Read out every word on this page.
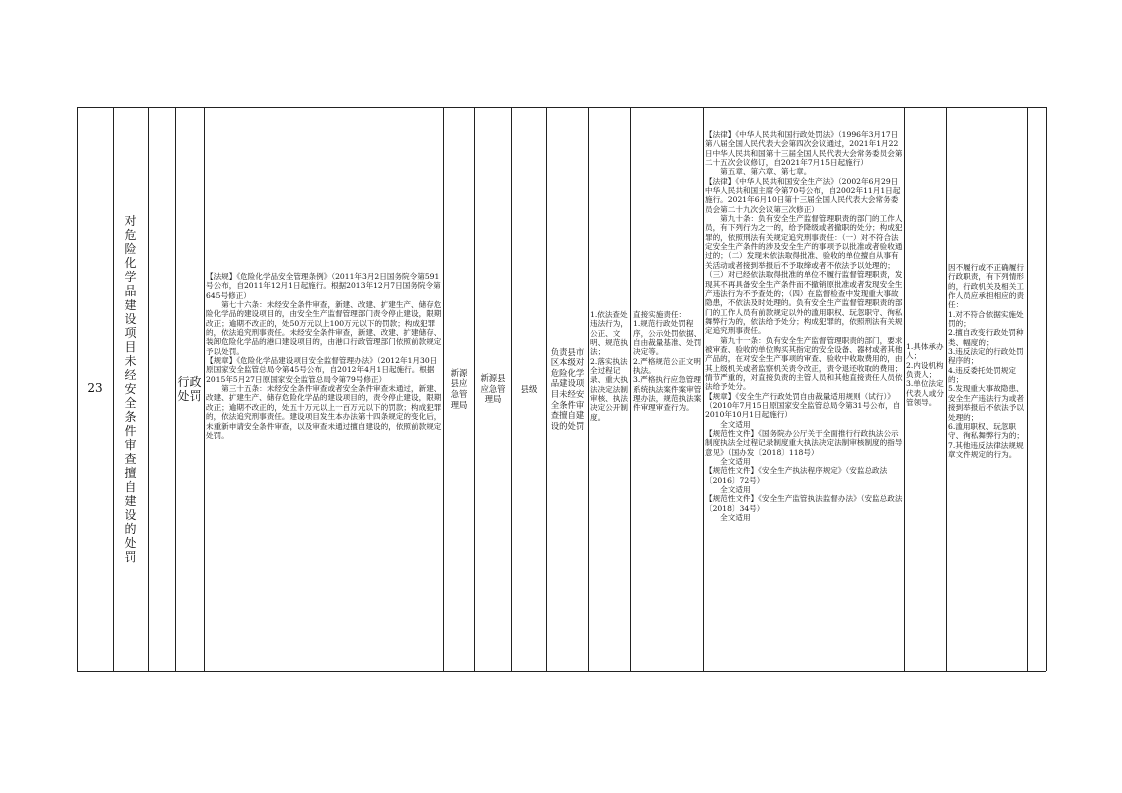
23
对危险化学品建设项目未经安全条件审查擅自建设的处罚
行政处罚
【法规】《危险化学品安全管理条例》（2011年3月2日国务院令第591号公布，自2011年12月1日起施行。根据2013年12月7日国务院令第645号修正）
　　第七十六条：未经安全条件审查，新建、改建、扩建生产、储存危险化学品的建设项目的，由安全生产监督管理部门责令停止建设，限期改正；逾期不改正的，处50万元以上100万元以下的罚款；构成犯罪的，依法追究刑事责任。未经安全条件审查，新建、改建、扩建储存、装卸危险化学品的港口建设项目的，由港口行政管理部门依照前款规定予以处罚。
【规章】《危险化学品建设项目安全监督管理办法》（2012年1月30日原国家安全监管总局令第45号公布，自2012年4月1日起施行。根据2015年5月27日原国家安全监管总局令第79号修正）
　　第三十五条：未经安全条件审查或者安全条件审查未通过，新建、改建、扩建生产、储存危险化学品的建设项目的，责令停止建设，限期改正；逾期不改正的，处五十万元以上一百万元以下的罚款；构成犯罪的，依法追究刑事责任。建设项目发生本办法第十四条规定的变化后，未重新申请安全条件审查，以及审查未通过擅自建设的，依照前款规定处罚。
新源县应急管理局
新源县应急管理局
县级
负责县市区本级对危险化学品建设项目未经安全条件审查擅自建设的处罚
1.依法查处违法行为，公正、文明、规范执法；
2.落实执法全过程记录、重大执法决定法制审核、执法决定公开制度。
直接实施责任：
1.规范行政处罚程序，公示处罚依据、自由裁量基准、处罚决定等。
2.严格规范公正文明执法。
3.严格执行应急管理系统执法案件案审管理办法，规范执法案件审理审查行为。
【法律】《中华人民共和国行政处罚法》（1996年3月17日第八届全国人民代表大会第四次会议通过，2021年1月22日中华人民共和国第十三届全国人民代表大会常务委员会第二十五次会议修订，自2021年7月15日起施行）
　　第五章、第六章、第七章。
【法律】《中华人民共和国安全生产法》（2002年6月29日中华人民共和国主席令第70号公布，自2002年11月1日起施行。2021年6月10日第十三届全国人民代表大会常务委员会第二十九次会议第三次修正）
　　第九十条：负有安全生产监督管理职责的部门的工作人员，有下列行为之一的，给予降级或者撤职的处分；构成犯罪的，依照刑法有关规定追究刑事责任：（一）对不符合法定安全生产条件的涉及安全生产的事项予以批准或者验收通过的；（二）发现未依法取得批准、验收的单位擅自从事有关活动或者接到举报后不予取缔或者不依法予以处理的；（三）对已经依法取得批准的单位不履行监督管理职责，发现其不再具备安全生产条件而不撤销原批准或者发现安全生产违法行为不予查处的；（四）在监督检查中发现重大事故隐患，不依法及时处理的。负有安全生产监督管理职责的部门的工作人员有前款规定以外的滥用职权、玩忽职守、徇私舞弊行为的，依法给予处分；构成犯罪的，依照刑法有关规定追究刑事责任。
　　第九十一条：负有安全生产监督管理职责的部门，要求被审查、验收的单位购买其指定的安全设备、器材或者其他产品的，在对安全生产事项的审查、验收中收取费用的，由其上级机关或者监察机关责令改正，责令退还收取的费用；情节严重的，对直接负责的主管人员和其他直接责任人员依法给予处分。
【规章】《安全生产行政处罚自由裁量适用规则（试行）》（2010年7月15日原国家安全监管总局令第31号公布，自2010年10月1日起施行）
　　全文适用
【规范性文件】《国务院办公厅关于全面推行行政执法公示制度执法全过程记录制度重大执法决定法制审核制度的指导意见》（国办发〔2018〕118号）
　　全文适用
【规范性文件】《安全生产执法程序规定》（安监总政法〔2016〕72号）
　　全文适用
【规范性文件】《安全生产监管执法监督办法》（安监总政法〔2018〕34号）
　　全文适用
1.具体承办人；
2.内设机构负责人；
3.单位法定代表人或分管领导。
因不履行或不正确履行行政职责，有下列情形的，行政机关及相关工作人员应承担相应的责任：
1.对不符合依据实施处罚的；
2.擅自改变行政处罚种类、幅度的；
3.违反法定的行政处罚程序的；
4.违反委托处罚规定的；
5.发现重大事故隐患、安全生产违法行为或者接到举报后不依法予以处理的；
6.滥用职权、玩忽职守、徇私舞弊行为的；
7.其他违反法律法规规章文件规定的行为。
